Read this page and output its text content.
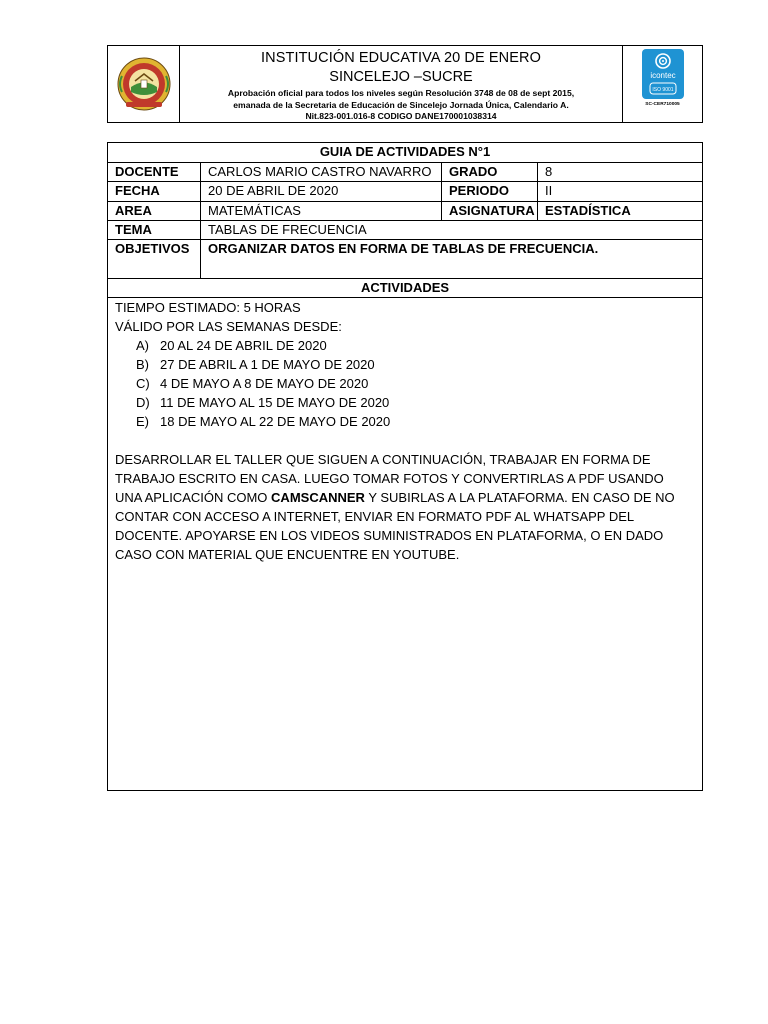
INSTITUCIÓN EDUCATIVA 20 DE ENERO
SINCELEJO –SUCRE
Aprobación oficial para todos los niveles según Resolución 3748 de 08 de sept 2015,
emanada de la Secretaria de Educación de Sincelejo Jornada Única, Calendario A.
Nit.823-001.016-8 CODIGO DANE170001038314
icontec
ISO 9001
SC-CER710005
GUIA DE ACTIVIDADES N°1
DOCENTE	CARLOS MARIO CASTRO NAVARRO	GRADO	8
FECHA	20 DE ABRIL DE 2020	PERIODO	II
AREA	MATEMÁTICAS	ASIGNATURA ESTADÍSTICA
TEMA	TABLAS DE FRECUENCIA
OBJETIVOS	ORGANIZAR DATOS EN FORMA DE TABLAS DE FRECUENCIA.
ACTIVIDADES

TIEMPO ESTIMADO: 5 HORAS

VÁLIDO POR LAS SEMANAS DESDE:

A) 20 AL 24 DE ABRIL DE 2020
B) 27 DE ABRIL A 1 DE MAYO DE 2020
C) 4 DE MAYO A 8 DE MAYO DE 2020
D) 11 DE MAYO AL 15 DE MAYO DE 2020
E) 18 DE MAYO AL 22 DE MAYO DE 2020

DESARROLLAR EL TALLER QUE SIGUEN A CONTINUACIÓN, TRABAJAR EN FORMA DE TRABAJO ESCRITO EN CASA. LUEGO TOMAR FOTOS Y CONVERTIRLAS A PDF USANDO UNA APLICACIÓN COMO CAMSCANNER Y SUBIRLAS A LA PLATAFORMA. EN CASO DE NO CONTAR CON ACCESO A INTERNET, ENVIAR EN FORMATO PDF AL WHATSAPP DEL DOCENTE. APOYARSE EN LOS VIDEOS SUMINISTRADOS EN PLATAFORMA, O EN DADO CASO CON MATERIAL QUE ENCUENTRE EN YOUTUBE.
